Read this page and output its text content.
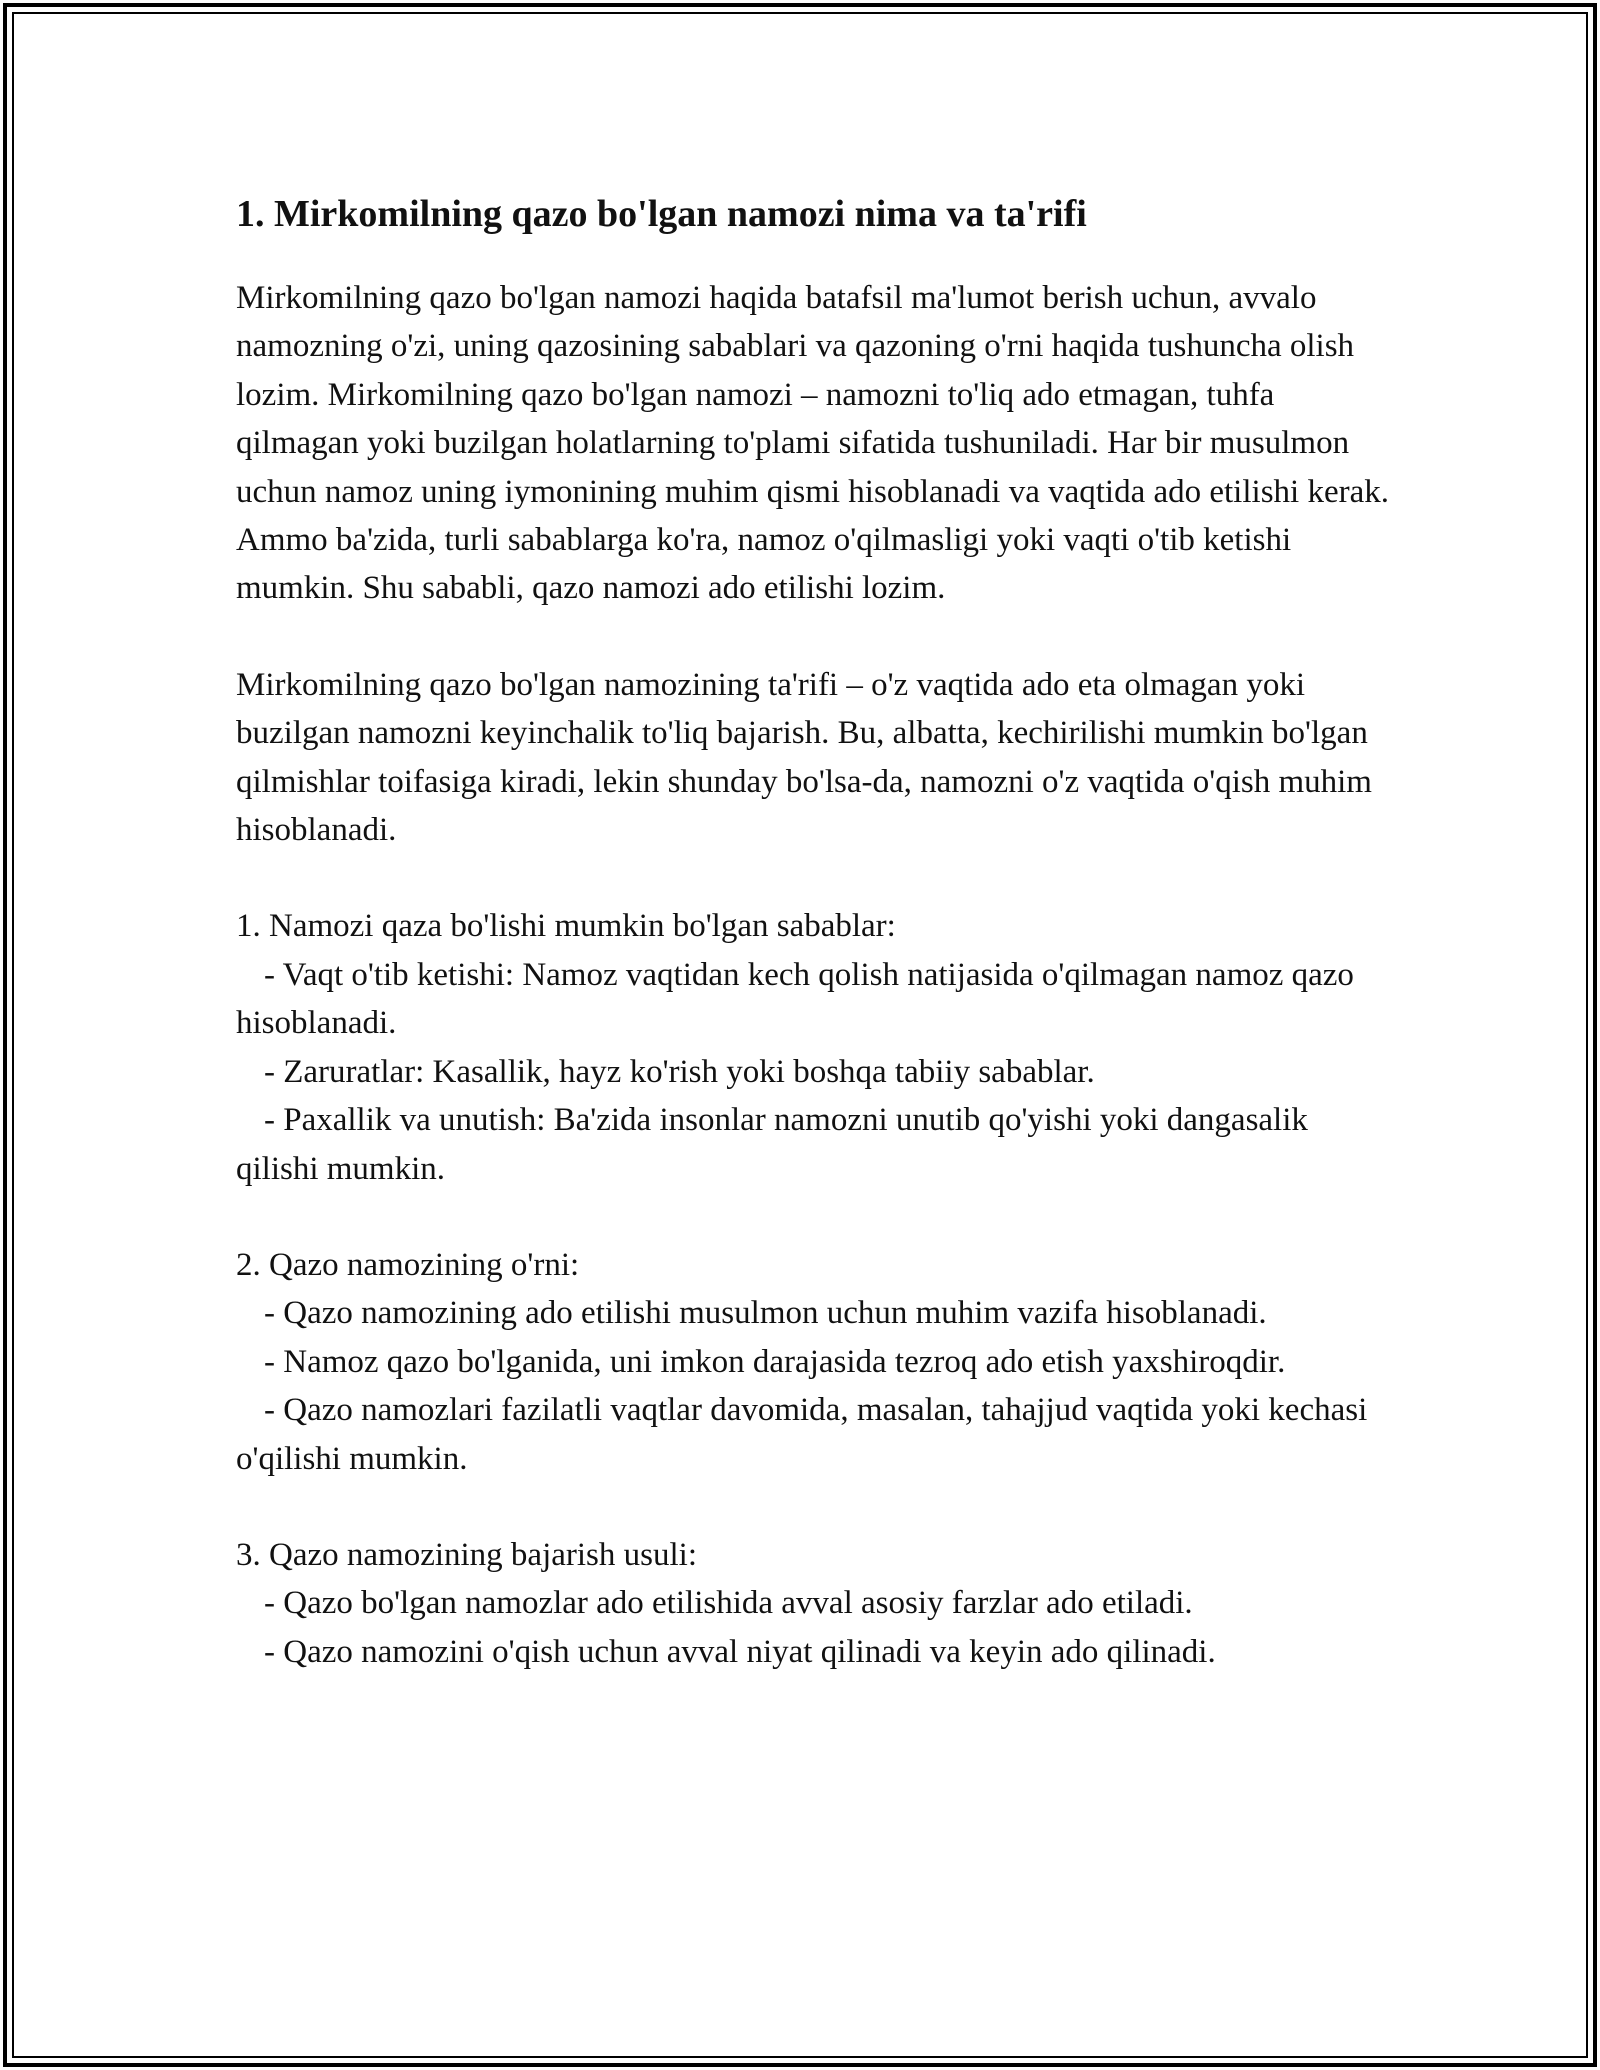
1. Mirkomilning qazo bo'lgan namozi nima va ta'rifi

Mirkomilning qazo bo'lgan namozi haqida batafsil ma'lumot berish uchun, avvalo namozning o'zi, uning qazosining sabablari va qazoning o'rni haqida tushuncha olish lozim. Mirkomilning qazo bo'lgan namozi – namozni to'liq ado etmagan, tuhfa qilmagan yoki buzilgan holatlarning to'plami sifatida tushuniladi. Har bir musulmon uchun namoz uning iymonining muhim qismi hisoblanadi va vaqtida ado etilishi kerak. Ammo ba'zida, turli sabablarga ko'ra, namoz o'qilmasligi yoki vaqti o'tib ketishi mumkin. Shu sababli, qazo namozi ado etilishi lozim.

Mirkomilning qazo bo'lgan namozining ta'rifi – o'z vaqtida ado eta olmagan yoki buzilgan namozni keyinchalik to'liq bajarish. Bu, albatta, kechirilishi mumkin bo'lgan qilmishlar toifasiga kiradi, lekin shunday bo'lsa-da, namozni o'z vaqtida o'qish muhim hisoblanadi.

1. Namozi qaza bo'lishi mumkin bo'lgan sabablar:
- Vaqt o'tib ketishi: Namoz vaqtidan kech qolish natijasida o'qilmagan namoz qazo hisoblanadi.
- Zaruratlar: Kasallik, hayz ko'rish yoki boshqa tabiiy sabablar.
- Paxallik va unutish: Ba'zida insonlar namozni unutib qo'yishi yoki dangasalik qilishi mumkin.
2. Qazo namozining o'rni:
- Qazo namozining ado etilishi musulmon uchun muhim vazifa hisoblanadi.
- Namoz qazo bo'lganida, uni imkon darajasida tezroq ado etish yaxshiroqdir.
- Qazo namozlari fazilatli vaqtlar davomida, masalan, tahajjud vaqtida yoki kechasi o'qilishi mumkin.
3. Qazo namozining bajarish usuli:
- Qazo bo'lgan namozlar ado etilishida avval asosiy farzlar ado etiladi.
- Qazo namozini o'qish uchun avval niyat qilinadi va keyin ado qilinadi.
